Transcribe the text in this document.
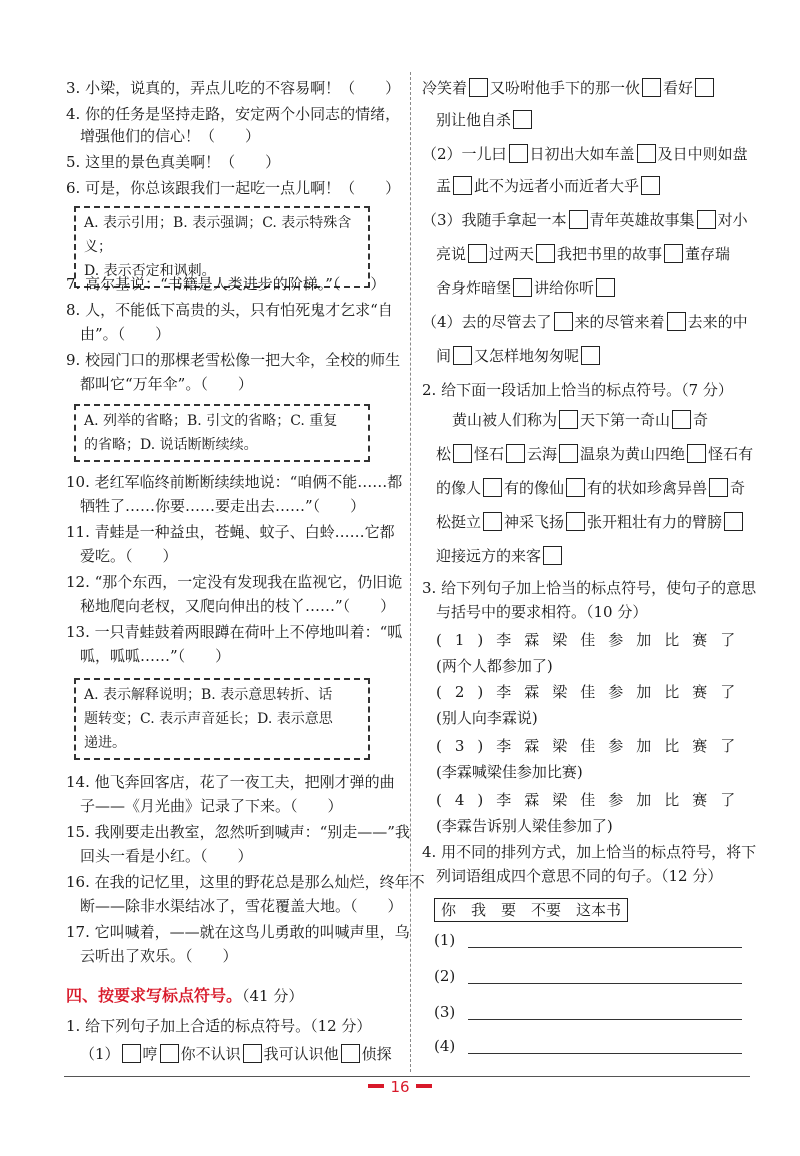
3. 小梁，说真的，弄点儿吃的不容易啊！（　　）
4. 你的任务是坚持走路，安定两个小同志的情绪，
增强他们的信心！（　　）
5. 这里的景色真美啊！（　　）
6. 可是，你总该跟我们一起吃一点儿啊！（　　）
A. 表示引用；B. 表示强调；C. 表示特殊含义；
D. 表示否定和讽刺。
7. 高尔基说：“书籍是人类进步的阶梯。”（　　）
8. 人，不能低下高贵的头，只有怕死鬼才乞求“自
由”。（　　）
9. 校园门口的那棵老雪松像一把大伞，全校的师生
都叫它“万年伞”。（　　）
A. 列举的省略；B. 引文的省略；C. 重复
的省略；D. 说话断断续续。
10. 老红军临终前断断续续地说：“咱俩不能……都
牺牲了……你要……要走出去……”（　　）
11. 青蛙是一种益虫，苍蝇、蚊子、白蛉……它都
爱吃。（　　）
12. “那个东西，一定没有发现我在监视它，仍旧诡
秘地爬向老杈，又爬向伸出的枝丫……”（　　）
13. 一只青蛙鼓着两眼蹲在荷叶上不停地叫着：“呱
呱，呱呱……”（　　）
A. 表示解释说明；B. 表示意思转折、话
题转变；C. 表示声音延长；D. 表示意思
递进。
14. 他飞奔回客店，花了一夜工夫，把刚才弹的曲
子——《月光曲》记录了下来。（　　）
15. 我刚要走出教室，忽然听到喊声：“别走——”我
回头一看是小红。（　　）
16. 在我的记忆里，这里的野花总是那么灿烂，终年不
断——除非水渠结冰了，雪花覆盖大地。（　　）
17. 它叫喊着，——就在这鸟儿勇敢的叫喊声里，乌
云听出了欢乐。（　　）
四、按要求写标点符号。（41 分）
1. 给下列句子加上合适的标点符号。（12 分）
（1） 哼 你不认识 我可认识他 侦探
冷笑着 又吩咐他手下的那一伙 看好
别让他自杀
（2）一儿曰 日初出大如车盖 及日中则如盘
盂 此不为远者小而近者大乎
（3）我随手拿起一本 青年英雄故事集 对小
亮说 过两天 我把书里的故事 董存瑞
舍身炸暗堡 讲给你听
（4）去的尽管去了 来的尽管来着 去来的中
间 又怎样地匆匆呢
2. 给下面一段话加上恰当的标点符号。（7 分）
黄山被人们称为 天下第一奇山 奇
松 怪石 云海 温泉为黄山四绝 怪石有
的像人 有的像仙 有的状如珍禽异兽 奇
松挺立 神采飞扬 张开粗壮有力的臂膀
迎接远方的来客
3. 给下列句子加上恰当的标点符号，使句子的意思
与括号中的要求相符。（10 分）
(1)李霖梁佳参加比赛了
(两个人都参加了)
(2)李霖梁佳参加比赛了
(别人向李霖说)
(3)李霖梁佳参加比赛了
(李霖喊梁佳参加比赛)
(4)李霖梁佳参加比赛了
(李霖告诉别人梁佳参加了)
4. 用不同的排列方式，加上恰当的标点符号，将下
列词语组成四个意思不同的句子。（12 分）
你　我　要　不要　这本书
(1)
(2)
(3)
(4)
16
